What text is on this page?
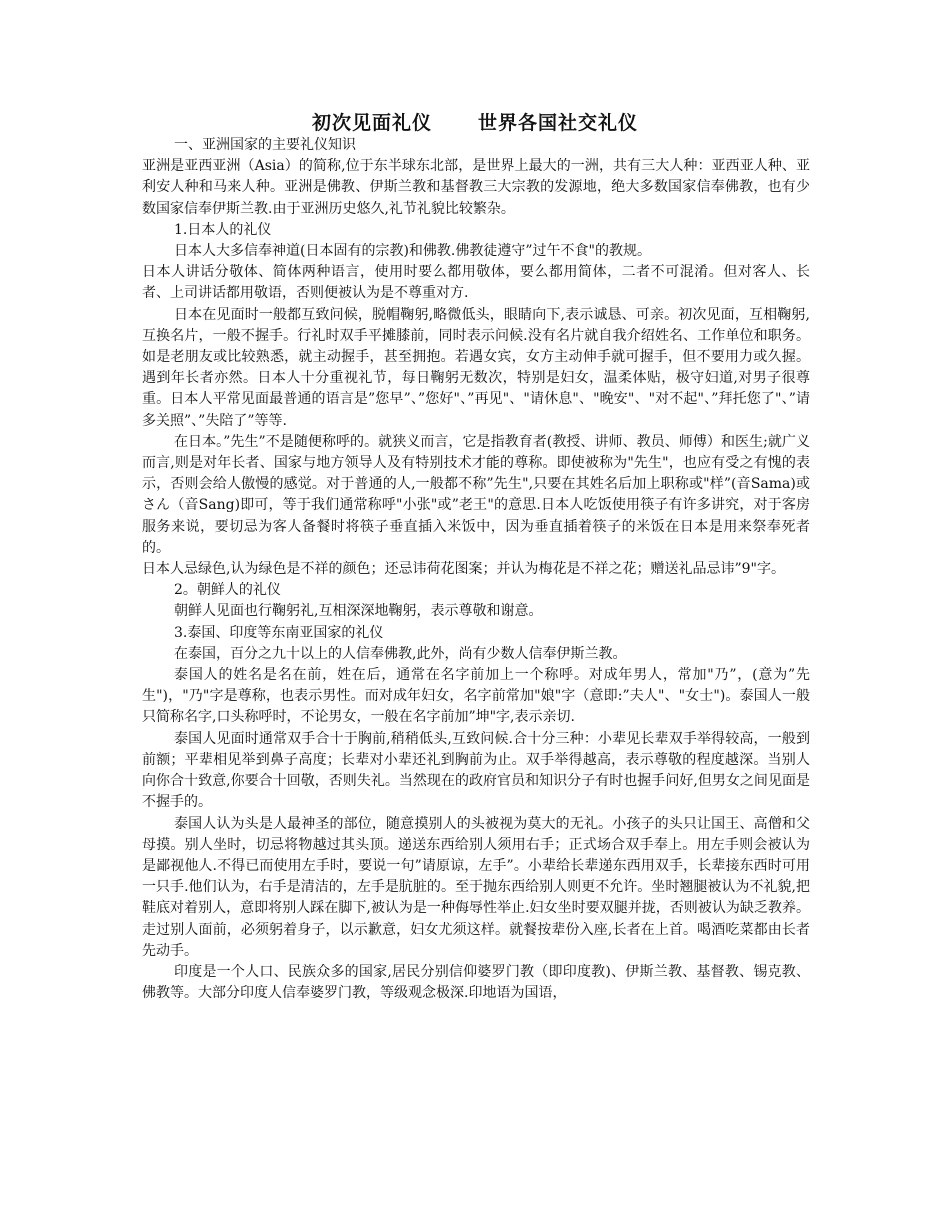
初次见面礼仪 世界各国社交礼仪

一、亚洲国家的主要礼仪知识

亚洲是亚西亚洲（Asia）的简称,位于东半球东北部，是世界上最大的一洲，共有三大人种：亚西亚人种、亚利安人种和马来人种。亚洲是佛教、伊斯兰教和基督教三大宗教的发源地，绝大多数国家信奉佛教，也有少数国家信奉伊斯兰教.由于亚洲历史悠久,礼节礼貌比较繁杂。

1.日本人的礼仪

日本人大多信奉神道(日本固有的宗教)和佛教.佛教徒遵守”过午不食"的教规。

日本人讲话分敬体、简体两种语言，使用时要么都用敬体，要么都用简体，二者不可混淆。但对客人、长者、上司讲话都用敬语，否则便被认为是不尊重对方.

日本在见面时一般都互致问候，脱帽鞠躬,略微低头，眼睛向下,表示诚恳、可亲。初次见面，互相鞠躬,互换名片，一般不握手。行礼时双手平摊膝前，同时表示问候.没有名片就自我介绍姓名、工作单位和职务。如是老朋友或比较熟悉，就主动握手，甚至拥抱。若遇女宾，女方主动伸手就可握手，但不要用力或久握。遇到年长者亦然。日本人十分重视礼节，每日鞠躬无数次，特别是妇女，温柔体贴，极守妇道,对男子很尊重。日本人平常见面最普通的语言是”您早”、”您好"、”再见"、"请休息"、"晚安"、"对不起"、”拜托您了"、”请多关照”、”失陪了”等等.

在日本。”先生”不是随便称呼的。就狭义而言，它是指教育者(教授、讲师、教员、师傅）和医生;就广义而言,则是对年长者、国家与地方领导人及有特别技术才能的尊称。即使被称为"先生"，也应有受之有愧的表示，否则会给人傲慢的感觉。对于普通的人,一般都不称”先生",只要在其姓名后加上职称或"样”(音Sama)或さん（音Sang)即可，等于我们通常称呼"小张"或”老王"的意思.日本人吃饭使用筷子有许多讲究，对于客房服务来说，要切忌为客人备餐时将筷子垂直插入米饭中，因为垂直插着筷子的米饭在日本是用来祭奉死者的。

日本人忌绿色,认为绿色是不祥的颜色；还忌讳荷花图案；并认为梅花是不祥之花；赠送礼品忌讳”9"字。

2。朝鲜人的礼仪

朝鲜人见面也行鞠躬礼,互相深深地鞠躬，表示尊敬和谢意。

3.泰国、印度等东南亚国家的礼仪

在泰国，百分之九十以上的人信奉佛教,此外，尚有少数人信奉伊斯兰教。

泰国人的姓名是名在前，姓在后，通常在名字前加上一个称呼。对成年男人，常加"乃”，(意为”先生")，"乃"字是尊称，也表示男性。而对成年妇女，名字前常加"娘"字（意即:”夫人"、"女士")。泰国人一般只简称名字,口头称呼时，不论男女，一般在名字前加”坤"字,表示亲切.

泰国人见面时通常双手合十于胸前,稍稍低头,互致问候.合十分三种：小辈见长辈双手举得较高，一般到前额；平辈相见举到鼻子高度；长辈对小辈还礼到胸前为止。双手举得越高，表示尊敬的程度越深。当别人向你合十致意,你要合十回敬，否则失礼。当然现在的政府官员和知识分子有时也握手问好,但男女之间见面是不握手的。

泰国人认为头是人最神圣的部位，随意摸别人的头被视为莫大的无礼。小孩子的头只让国王、高僧和父母摸。别人坐时，切忌将物越过其头顶。递送东西给别人须用右手；正式场合双手奉上。用左手则会被认为是鄙视他人.不得已而使用左手时，要说一句”请原谅，左手”。小辈给长辈递东西用双手，长辈接东西时可用一只手.他们认为，右手是清洁的，左手是肮脏的。至于抛东西给别人则更不允许。坐时翘腿被认为不礼貌,把鞋底对着别人，意即将别人踩在脚下,被认为是一种侮辱性举止.妇女坐时要双腿并拢，否则被认为缺乏教养。走过别人面前，必须躬着身子，以示歉意，妇女尤须这样。就餐按辈份入座,长者在上首。喝酒吃菜都由长者先动手。

印度是一个人口、民族众多的国家,居民分别信仰婆罗门教（即印度教)、伊斯兰教、基督教、锡克教、佛教等。大部分印度人信奉婆罗门教，等级观念极深.印地语为国语，
